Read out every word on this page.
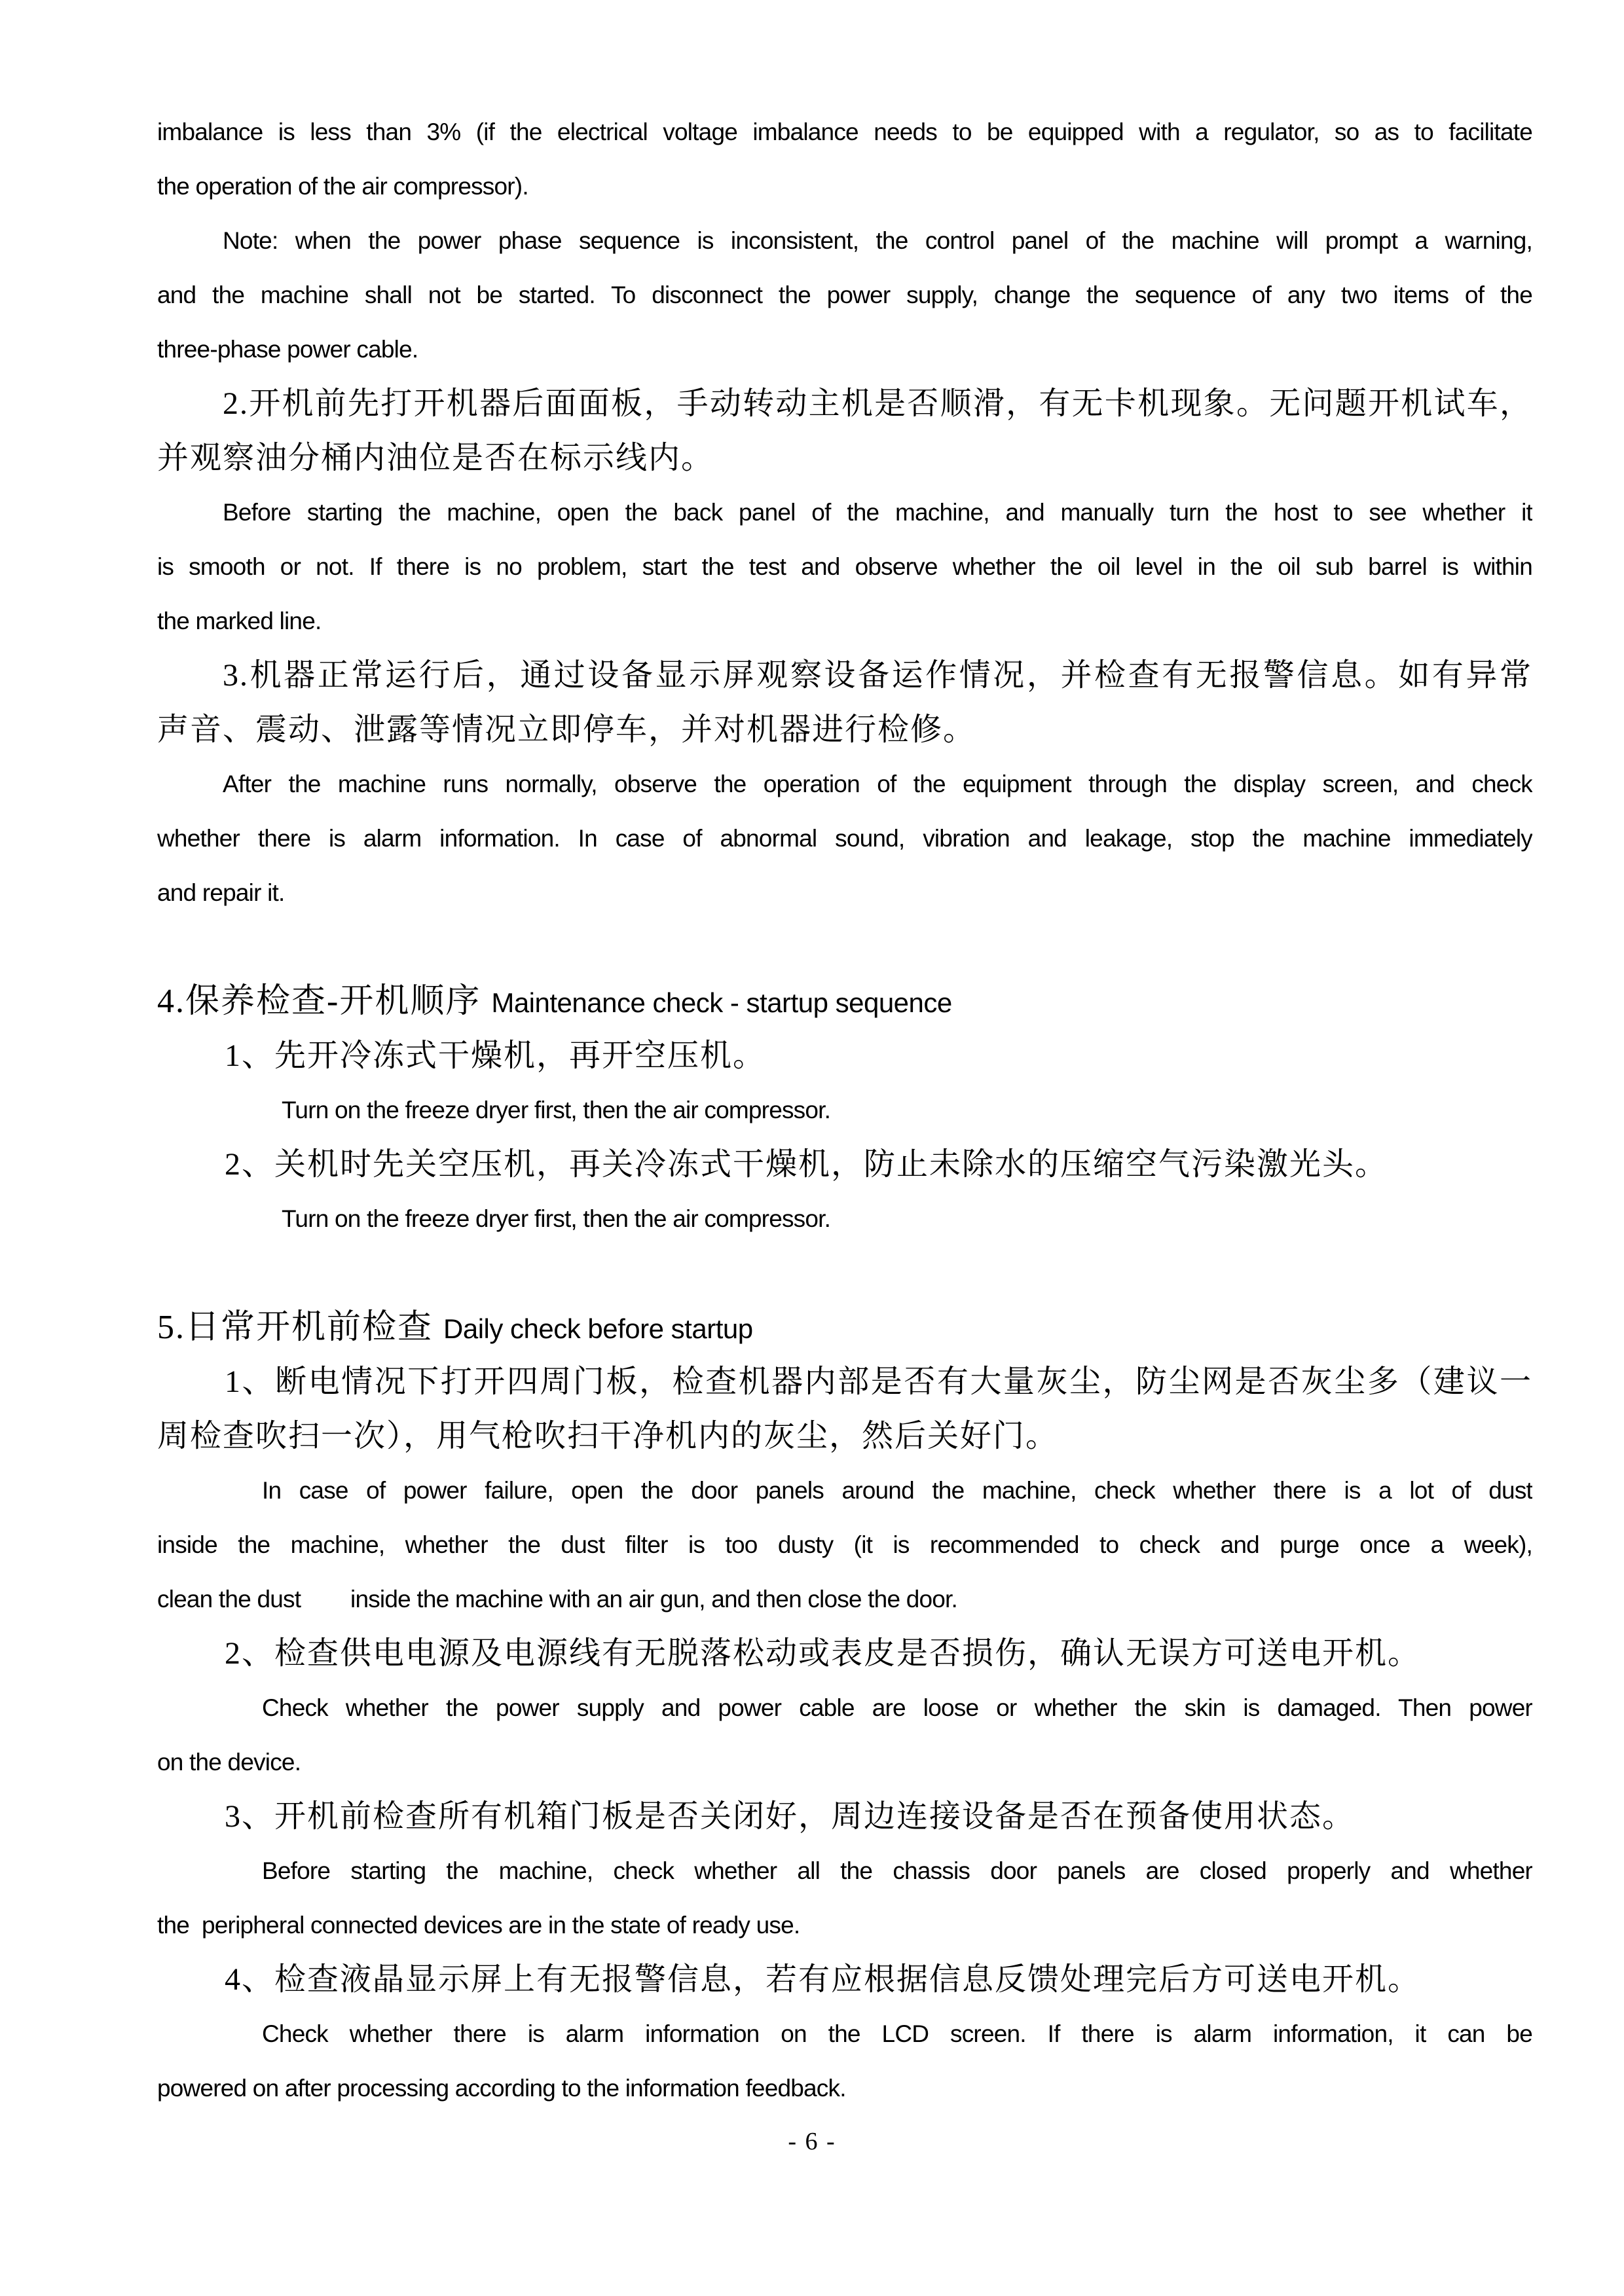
imbalance is less than 3% (if the electrical voltage imbalance needs to be equipped with a regulator, so as to facilitate
the operation of the air compressor).
Note: when the power phase sequence is inconsistent, the control panel of the machine will prompt a warning,
and the machine shall not be started. To disconnect the power supply, change the sequence of any two items of the
three-phase power cable.
2.开机前先打开机器后面面板，手动转动主机是否顺滑，有无卡机现象。无问题开机试车，
并观察油分桶内油位是否在标示线内。
Before starting the machine, open the back panel of the machine, and manually turn the host to see whether it
is smooth or not. If there is no problem, start the test and observe whether the oil level in the oil sub barrel is within
the marked line.
3.机器正常运行后，通过设备显示屏观察设备运作情况，并检查有无报警信息。如有异常
声音、震动、泄露等情况立即停车，并对机器进行检修。
After the machine runs normally, observe the operation of the equipment through the display screen, and check
whether there is alarm information. In case of abnormal sound, vibration and leakage, stop the machine immediately
and repair it.
4.保养检查-开机顺序 Maintenance check - startup sequence
1、先开冷冻式干燥机，再开空压机。
Turn on the freeze dryer first, then the air compressor.
2、关机时先关空压机，再关冷冻式干燥机，防止未除水的压缩空气污染激光头。
Turn on the freeze dryer first, then the air compressor.
5.日常开机前检查 Daily check before startup
1、断电情况下打开四周门板，检查机器内部是否有大量灰尘，防尘网是否灰尘多（建议一
周检查吹扫一次），用气枪吹扫干净机内的灰尘，然后关好门。
In case of power failure, open the door panels around the machine, check whether there is a lot of dust
inside the machine, whether the dust filter is too dusty (it is recommended to check and purge once a week),
clean the dust        inside the machine with an air gun, and then close the door.
2、检查供电电源及电源线有无脱落松动或表皮是否损伤，确认无误方可送电开机。
Check whether the power supply and power cable are loose or whether the skin is damaged. Then power
on the device.
3、开机前检查所有机箱门板是否关闭好，周边连接设备是否在预备使用状态。
Before starting the machine, check whether all the chassis door panels are closed properly and whether
the  peripheral connected devices are in the state of ready use.
4、检查液晶显示屏上有无报警信息，若有应根据信息反馈处理完后方可送电开机。
Check whether there is alarm information on the LCD screen. If there is alarm information, it can be
powered on after processing according to the information feedback.
- 6 -
